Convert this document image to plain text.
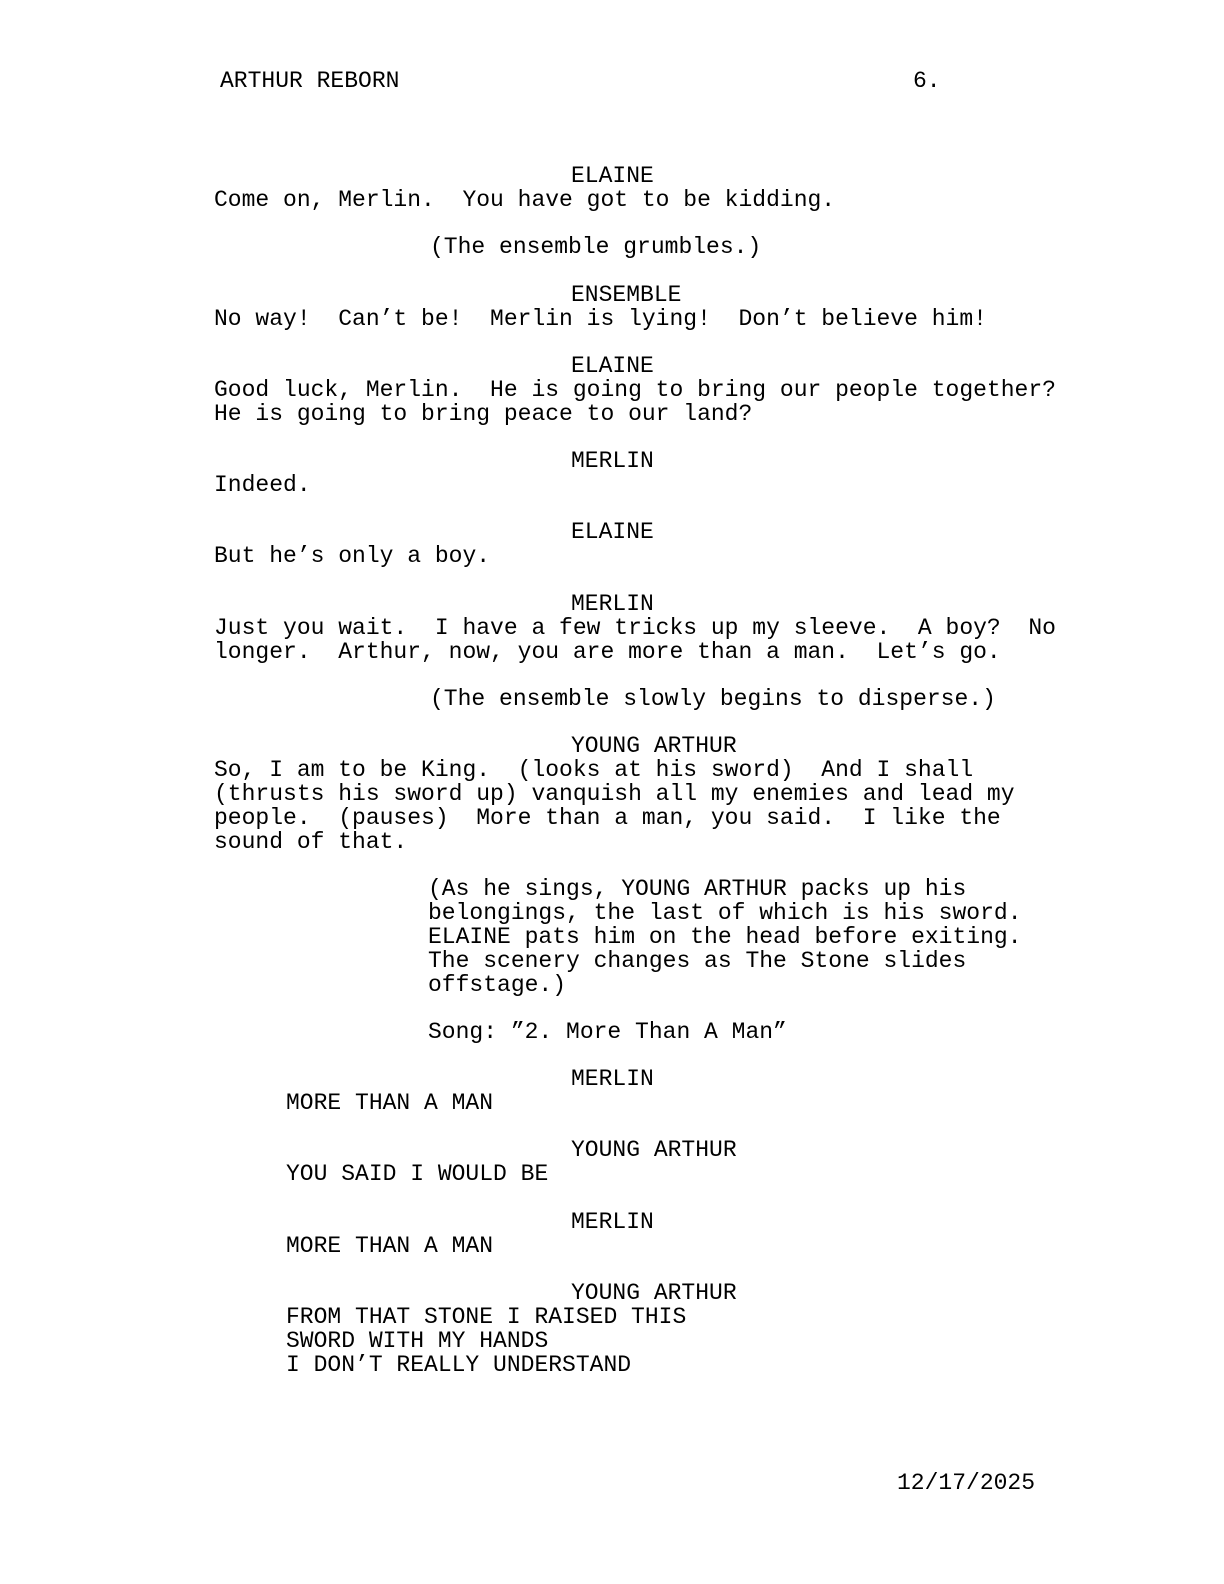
ARTHUR REBORN	6.
ELAINE
Come on, Merlin.  You have got to be kidding.
(The ensemble grumbles.)
ENSEMBLE
No way!  Can’t be!  Merlin is lying!  Don’t believe him!
ELAINE
Good luck, Merlin.  He is going to bring our people together?
He is going to bring peace to our land?
MERLIN
Indeed.
ELAINE
But he’s only a boy.
MERLIN
Just you wait.  I have a few tricks up my sleeve.  A boy?  No
longer.  Arthur, now, you are more than a man.  Let’s go.
(The ensemble slowly begins to disperse.)
YOUNG ARTHUR
So, I am to be King.  (looks at his sword)  And I shall
(thrusts his sword up) vanquish all my enemies and lead my
people.  (pauses)  More than a man, you said.  I like the
sound of that.
(As he sings, YOUNG ARTHUR packs up his
belongings, the last of which is his sword.
ELAINE pats him on the head before exiting.
The scenery changes as The Stone slides
offstage.)
Song: ”2. More Than A Man”
MERLIN
MORE THAN A MAN
YOUNG ARTHUR
YOU SAID I WOULD BE
MERLIN
MORE THAN A MAN
YOUNG ARTHUR
FROM THAT STONE I RAISED THIS
SWORD WITH MY HANDS
I DON’T REALLY UNDERSTAND
12/17/2025
